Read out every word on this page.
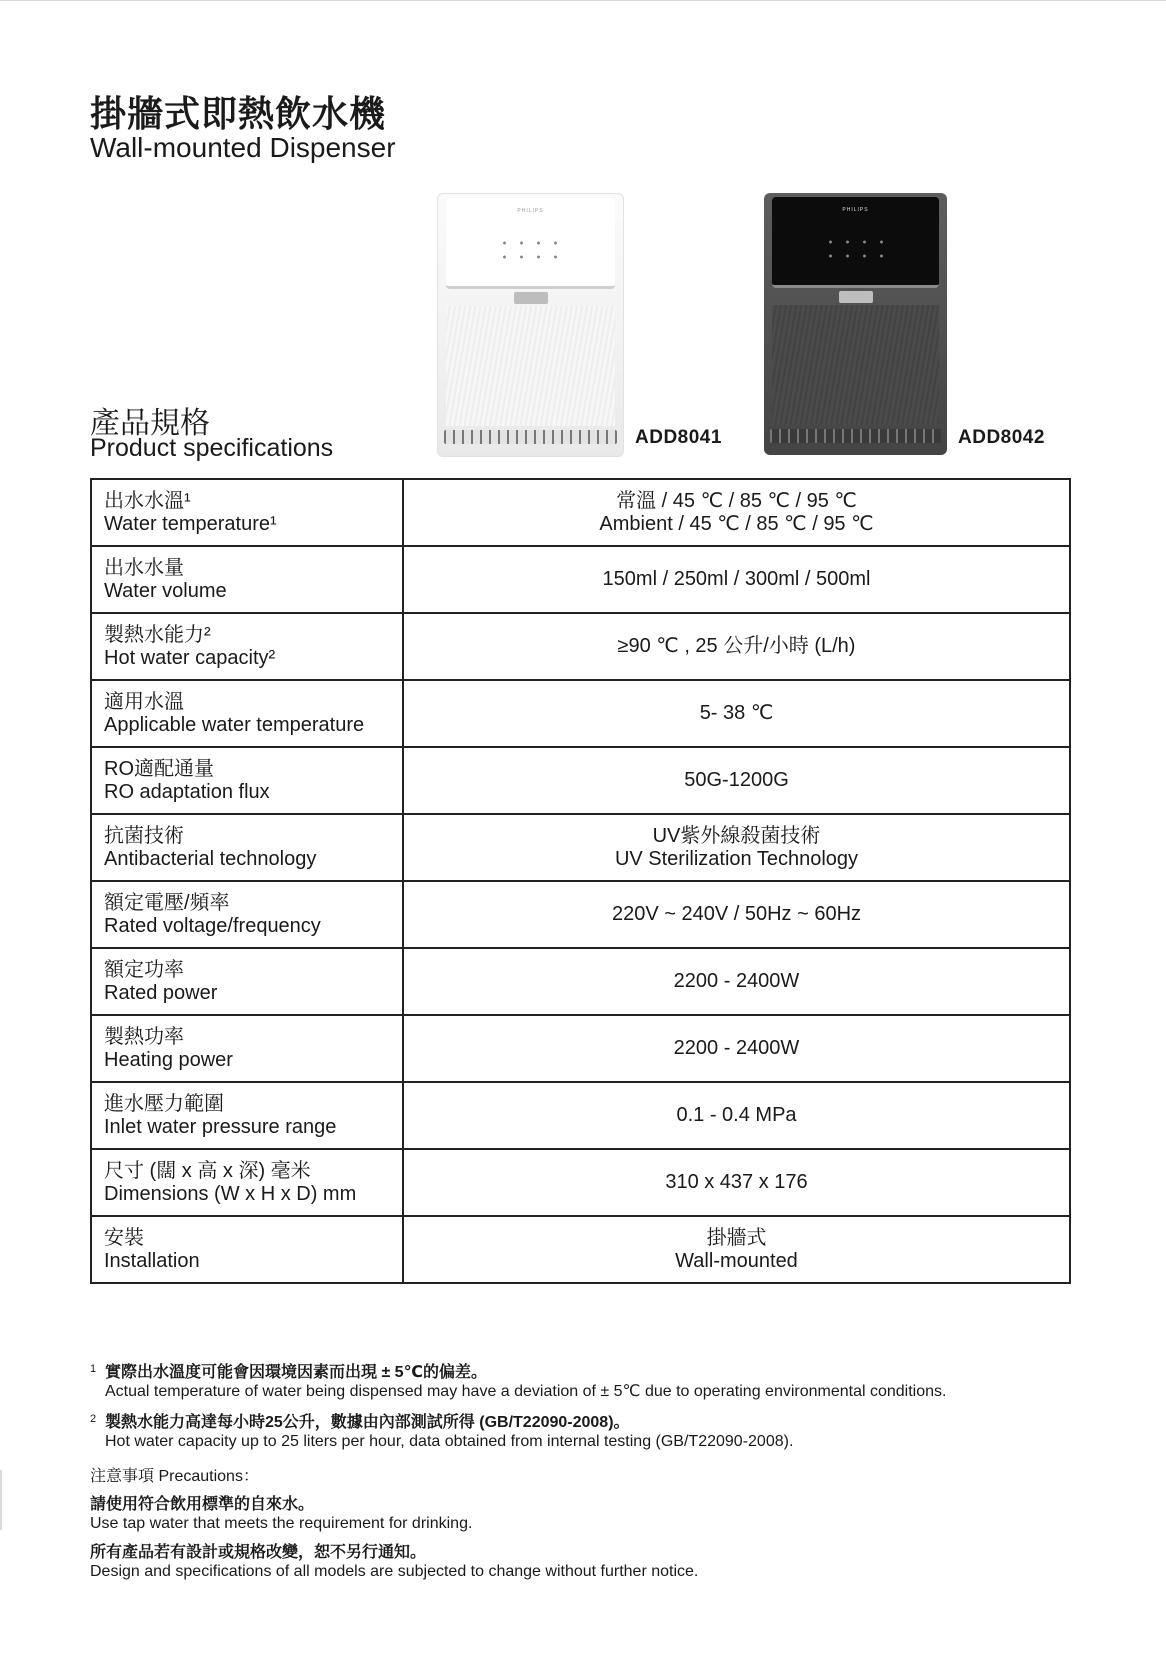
掛牆式即熱飲水機
Wall-mounted Dispenser
PHILIPS	PHILIPS
產品規格
Product specifications	ADD8041	ADD8042
出水水溫¹
Water temperature¹	常溫 / 45 ℃ / 85 ℃ / 95 ℃
Ambient / 45 ℃ / 85 ℃ / 95 ℃

出水水量
Water volume	150ml / 250ml / 300ml / 500ml

製熱水能力²
Hot water capacity²	≥90 ℃ , 25 公升/小時 (L/h)

適用水溫
Applicable water temperature	5- 38 ℃

RO適配通量
RO adaptation flux	50G-1200G

抗菌技術
Antibacterial technology	UV紫外線殺菌技術
UV Sterilization Technology

額定電壓/頻率
Rated voltage/frequency	220V ~ 240V / 50Hz ~ 60Hz

額定功率
Rated power	2200 - 2400W

製熱功率
Heating power	2200 - 2400W

進水壓力範圍
Inlet water pressure range	0.1 - 0.4 MPa

尺寸 (闊 x 高 x 深) 毫米
Dimensions (W x H x D) mm	310 x 437 x 176

安裝
Installation	掛牆式
Wall-mounted
1 實際出水溫度可能會因環境因素而出現 ± 5℃的偏差。
Actual temperature of water being dispensed may have a deviation of ± 5℃ due to operating environmental conditions.
2 製熱水能力高達每小時25公升，數據由內部測試所得 (GB/T22090-2008)。
Hot water capacity up to 25 liters per hour, data obtained from internal testing (GB/T22090-2008).
注意事項 Precautions：
請使用符合飲用標準的自來水。
Use tap water that meets the requirement for drinking.
所有產品若有設計或規格改變，恕不另行通知。
Design and specifications of all models are subjected to change without further notice.
